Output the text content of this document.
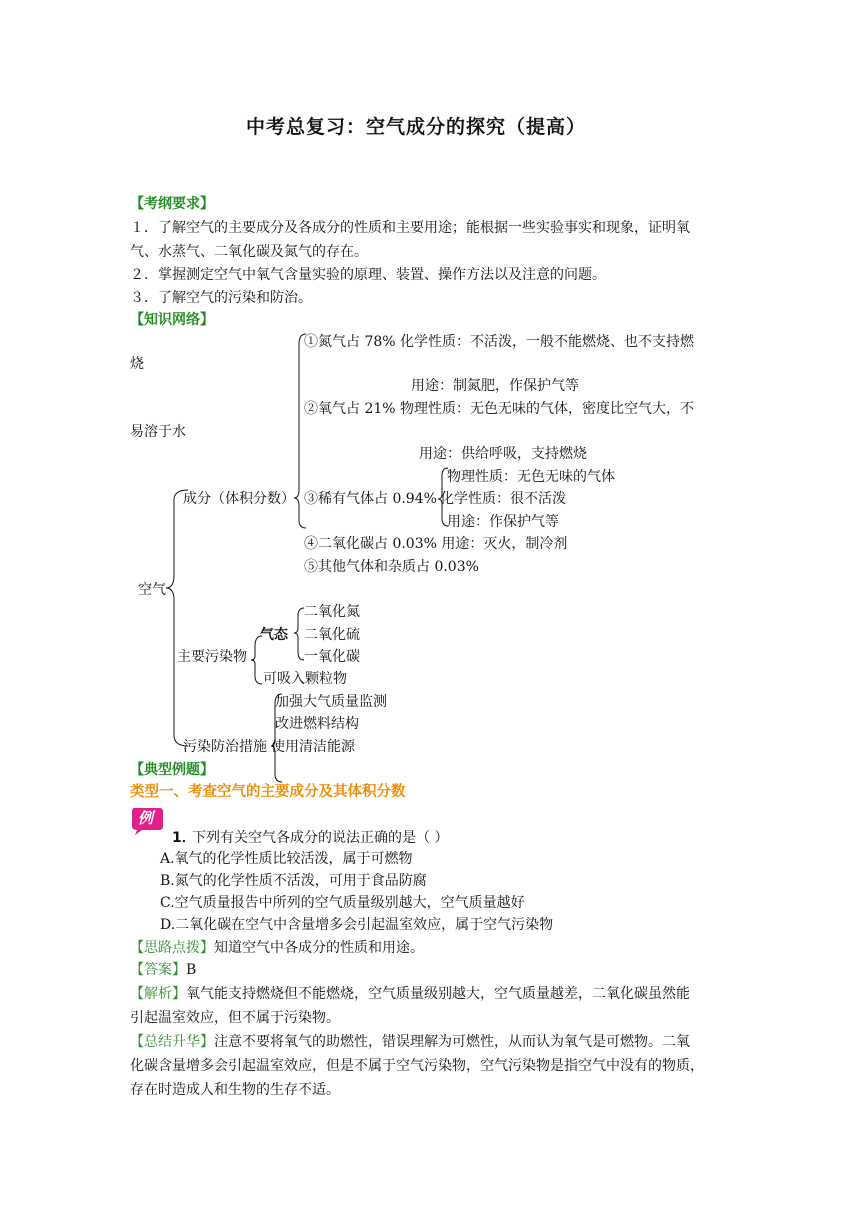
中考总复习：空气成分的探究（提高）
【考纲要求】
１．了解空气的主要成分及各成分的性质和主要用途；能根据一些实验事实和现象，证明氧
气、水蒸气、二氧化碳及氮气的存在。
２．掌握测定空气中氧气含量实验的原理、装置、操作方法以及注意的问题。
３．了解空气的污染和防治。
【知识网络】
①氮气占 78% 化学性质：不活泼，一般不能燃烧、也不支持燃
烧
用途：制氮肥，作保护气等
②氧气占 21% 物理性质：无色无味的气体，密度比空气大，不
易溶于水
用途：供给呼吸，支持燃烧
物理性质：无色无味的气体
成分（体积分数） ③稀有气体占 0.94% 化学性质：很不活泼
用途：作保护气等
④二氧化碳占 0.03% 用途：灭火，制冷剂
⑤其他气体和杂质占 0.03%
空气
二氧化氮
气态 二氧化硫
主要污染物	一氧化碳
可吸入颗粒物
加强大气质量监测
改进燃料结构
污染防治措施 使用清洁能源
【典型例题】
类型一、考查空气的主要成分及其体积分数
例
1．
下列有关空气各成分的说法正确的是（ ）
A.氧气的化学性质比较活泼，属于可燃物
B.氮气的化学性质不活泼，可用于食品防腐
C.空气质量报告中所列的空气质量级别越大，空气质量越好
D.二氧化碳在空气中含量增多会引起温室效应，属于空气污染物
【思路点拨】知道空气中各成分的性质和用途。
【答案】B
【解析】氧气能支持燃烧但不能燃烧，空气质量级别越大，空气质量越差，二氧化碳虽然能
引起温室效应，但不属于污染物。
【总结升华】注意不要将氧气的助燃性，错误理解为可燃性，从而认为氧气是可燃物。二氧
化碳含量增多会引起温室效应，但是不属于空气污染物，空气污染物是指空气中没有的物质，
存在时造成人和生物的生存不适。
